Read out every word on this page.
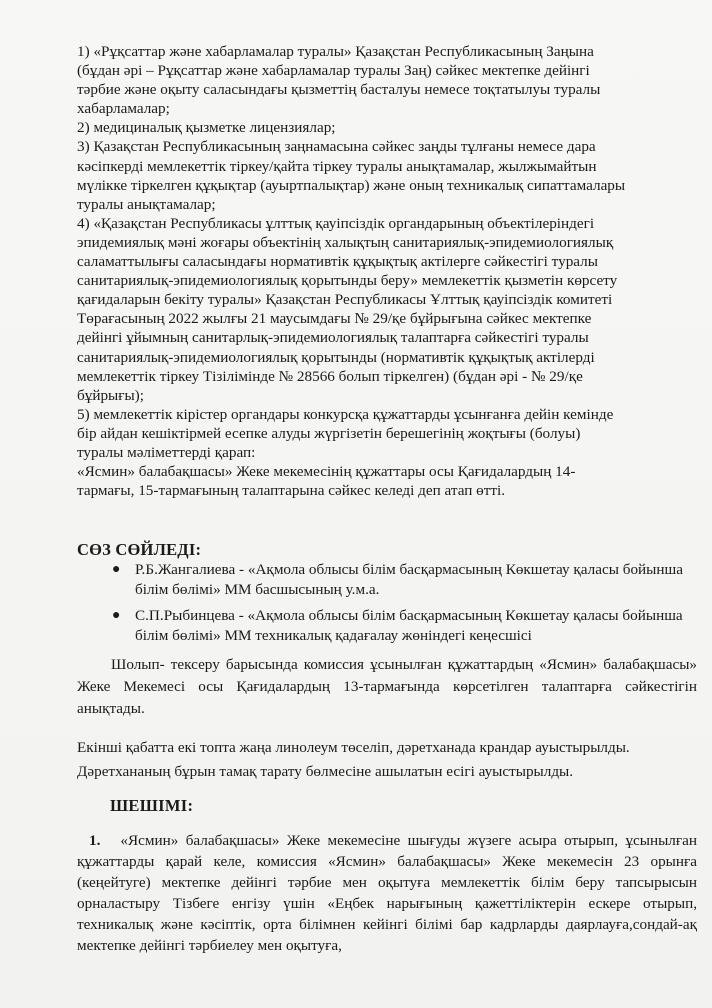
1) «Рұқсаттар және хабарламалар туралы» Қазақстан Республикасының Заңына

(бұдан әрі – Рұқсаттар және хабарламалар туралы Заң) сәйкес мектепке дейінгі

тәрбие және оқыту саласындағы қызметтің басталуы немесе тоқтатылуы туралы

хабарламалар;

2) медициналық қызметке лицензиялар;

3) Қазақстан Республикасының заңнамасына сәйкес заңды тұлғаны немесе дара

кәсіпкерді мемлекеттік тіркеу/қайта тіркеу туралы анықтамалар, жылжымайтын

мүлікке тіркелген құқықтар (ауыртпалықтар) және оның техникалық сипаттамалары

туралы анықтамалар;

4) «Қазақстан Республикасы ұлттық қауіпсіздік органдарының объектілеріндегі

эпидемиялық мәні жоғары объектінің халықтың санитариялық-эпидемиологиялық

саламаттылығы саласындағы нормативтік құқықтық актілерге сәйкестігі туралы

санитариялық-эпидемиологиялық қорытынды беру» мемлекеттік қызметін көрсету

қағидаларын бекіту туралы» Қазақстан Республикасы Ұлттық қауіпсіздік комитеті

Төрағасының 2022 жылғы 21 маусымдағы № 29/қе бұйрығына сәйкес мектепке

дейінгі ұйымның санитарлық-эпидемиологиялық талаптарға сәйкестігі туралы

санитариялық-эпидемиологиялық қорытынды (нормативтік құқықтық актілерді

мемлекеттік тіркеу Тізілімінде № 28566 болып тіркелген) (бұдан әрі - № 29/қе

бұйрығы);

5) мемлекеттік кірістер органдары конкурсқа құжаттарды ұсынғанға дейін кемінде

бір айдан кешіктірмей есепке алуды жүргізетін берешегінің жоқтығы (болуы)

туралы мәліметтерді қарап:

«Ясмин» балабақшасы» Жеке мекемесінің құжаттары осы Қағидалардың 14-

тармағы, 15-тармағының талаптарына сәйкес келеді деп атап өтті.

СӨЗ СӨЙЛЕДІ:
● Р.Б.Жангалиева - «Ақмола облысы білім басқармасының Көкшетау қаласы бойынша білім бөлімі» ММ басшысының у.м.а.
● С.П.Рыбинцева - «Ақмола облысы білім басқармасының Көкшетау қаласы бойынша білім бөлімі» ММ техникалық қадағалау жөніндегі кеңесшісі

Шолып- тексеру барысында комиссия ұсынылған құжаттардың «Ясмин» балабақшасы» Жеке Мекемесі осы Қағидалардың 13-тармағында көрсетілген талаптарға сәйкестігін анықтады.

Екінші қабатта екі топта жаңа линолеум төселіп, дәретханада крандар ауыстырылды.
Дәретхананың бұрын тамақ тарату бөлмесіне ашылатын есігі ауыстырылды.
ШЕШІМІ:

1. «Ясмин» балабақшасы» Жеке мекемесіне шығуды жүзеге асыра отырып, ұсынылған құжаттарды қарай келе, комиссия «Ясмин» балабақшасы» Жеке мекемесін 23 орынға (кеңейтуге) мектепке дейінгі тәрбие мен оқытуға мемлекеттік білім беру тапсырысын орналастыру Тізбеге енгізу үшін «Еңбек нарығының қажеттіліктерін ескере отырып, техникалық және кәсіптік, орта білімнен кейінгі білімі бар кадрларды даярлауға,сондай-ақ мектепке дейінгі тәрбиелеу мен оқытуға,
